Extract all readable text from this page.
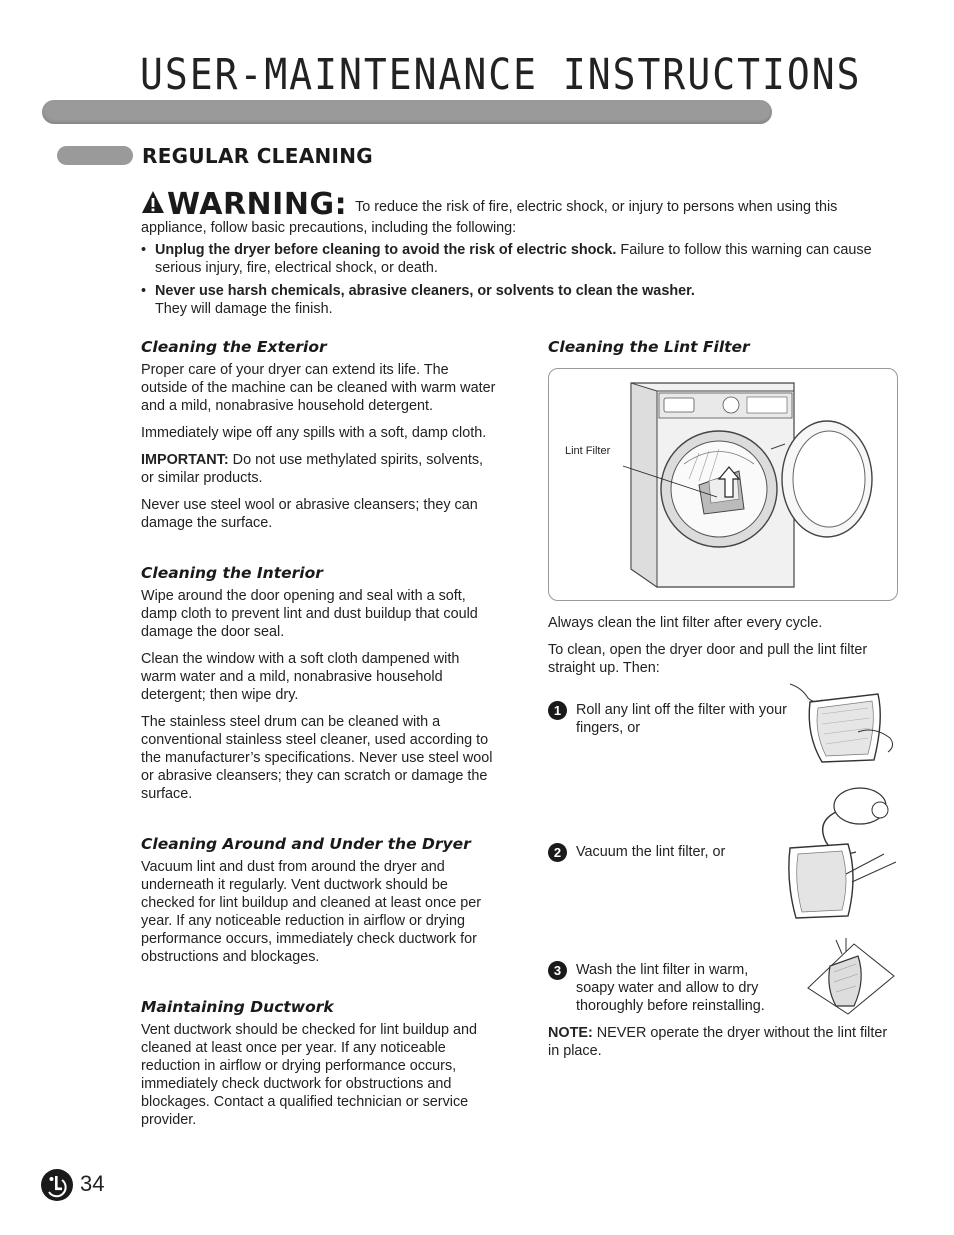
USER-MAINTENANCE INSTRUCTIONS
REGULAR CLEANING
WARNING: To reduce the risk of fire, electric shock, or injury to persons when using this appliance, follow basic precautions, including the following:
• Unplug the dryer before cleaning to avoid the risk of electric shock. Failure to follow this warning can cause serious injury, fire, electrical shock, or death.
• Never use harsh chemicals, abrasive cleaners, or solvents to clean the washer.
They will damage the finish.
Cleaning the Exterior

Proper care of your dryer can extend its life. The outside of the machine can be cleaned with warm water and a mild, nonabrasive household detergent.

Immediately wipe off any spills with a soft, damp cloth.

IMPORTANT: Do not use methylated spirits, solvents, or similar products.

Never use steel wool or abrasive cleansers; they can damage the surface.

Cleaning the Interior

Wipe around the door opening and seal with a soft, damp cloth to prevent lint and dust buildup that could damage the door seal.

Clean the window with a soft cloth dampened with warm water and a mild, nonabrasive household detergent; then wipe dry.

The stainless steel drum can be cleaned with a conventional stainless steel cleaner, used according to the manufacturer’s specifications. Never use steel wool or abrasive cleansers; they can scratch or damage the surface.

Cleaning Around and Under the Dryer

Vacuum lint and dust from around the dryer and underneath it regularly. Vent ductwork should be checked for lint buildup and cleaned at least once per year. If any noticeable reduction in airflow or drying performance occurs, immediately check ductwork for obstructions and blockages.

Maintaining Ductwork

Vent ductwork should be checked for lint buildup and cleaned at least once per year. If any noticeable reduction in airflow or drying performance occurs, immediately check ductwork for obstructions and blockages. Contact a qualified technician or service provider.

Cleaning the Lint Filter
Lint Filter

Always clean the lint filter after every cycle.

To clean, open the dryer door and pull the lint filter straight up. Then:

1	Roll any lint off the filter with your fingers, or
2	Vacuum the lint filter, or
3	Wash the lint filter in warm, soapy water and allow to dry thoroughly before reinstalling.
NOTE: NEVER operate the dryer without the lint filter in place.
34
